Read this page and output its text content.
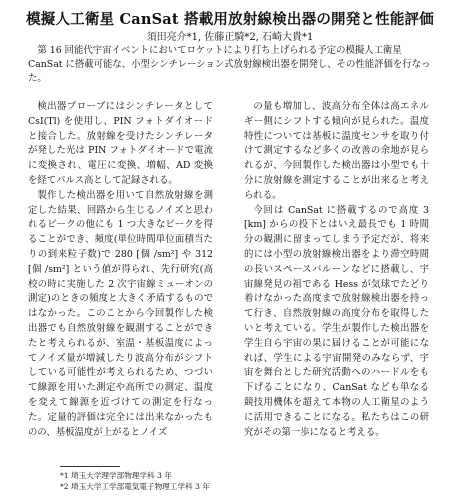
模擬人工衛星 CanSat 搭載用放射線検出器の開発と性能評価
須田亮介*1, 佐藤正騎*2, 石崎大貴*1

第 16 回能代宇宙イベントにおいてロケットにより打ち上げられる予定の模擬人工衛星 CanSat に搭載可能な、小型シンチレーション式放射線検出器を開発し、その性能評価を行なった。

検出器プローブにはシンチレータとして CsI(Tl) を使用し、PIN フォトダイオードと接合した。放射線を受けたシンチレータが発した光は PIN フォトダイオードで電流に変換され、電圧に変換、増幅、AD 変換を経てパルス高として記録される。

製作した検出器を用いて自然放射線を測定した結果、回路から生じるノイズと思われるピークの他にも 1 つ大きなピークを得ることができ、頻度(単位時間単位面積当たりの到来粒子数)で 280 [個 /sm²] や 312 [個 /sm²] という値が得られ、先行研究(高校の時に実施した 2 次宇宙線ミューオンの測定)のときの頻度と大きく矛盾するものではなかった。このことから今回製作した検出器でも自然放射線を観測することができたと考えられるが、室温・基板温度によってノイズ量が増減したり波高分布がシフトしている可能性が考えられるため、つづいて線源を用いた測定や高所での測定、温度を変えて線源を近づけての測定を行なった。定量的評価は完全には出来なかったものの、基板温度が上がるとノイズ

の量も増加し、波高分布全体は高エネルギー側にシフトする傾向が見られた。温度特性については基板に温度センサを取り付けて測定するなど多くの改善の余地が見られるが、今回製作した検出器は小型でも十分に放射線を測定することが出来ると考えられる。

今回は CanSat に搭載するので高度 3 [km] からの投下とはいえ最長でも 1 時間分の観測に留まってしまう予定だが、将来的には小型の放射線検出器をより滞空時間の長いスペースバルーンなどに搭載し、宇宙線発見の祖である Hess が気球でたどり着けなかった高度まで放射線検出器を持って行き、自然放射線の高度分布を取得したいと考えている。学生が製作した検出器を学生自ら宇宙の果に届けることが可能になれば、学生による宇宙開発のみならず、宇宙を舞台とした研究活動へのハードルをも下げることになり、CanSat なども単なる競技用機体を超えて本物の人工衛星のように活用できることになる。私たちはこの研究がその第一歩になると考える。

*1 埼玉大学理学部物理学科 3 年
*2 埼玉大学工学部電気電子物理工学科 3 年
